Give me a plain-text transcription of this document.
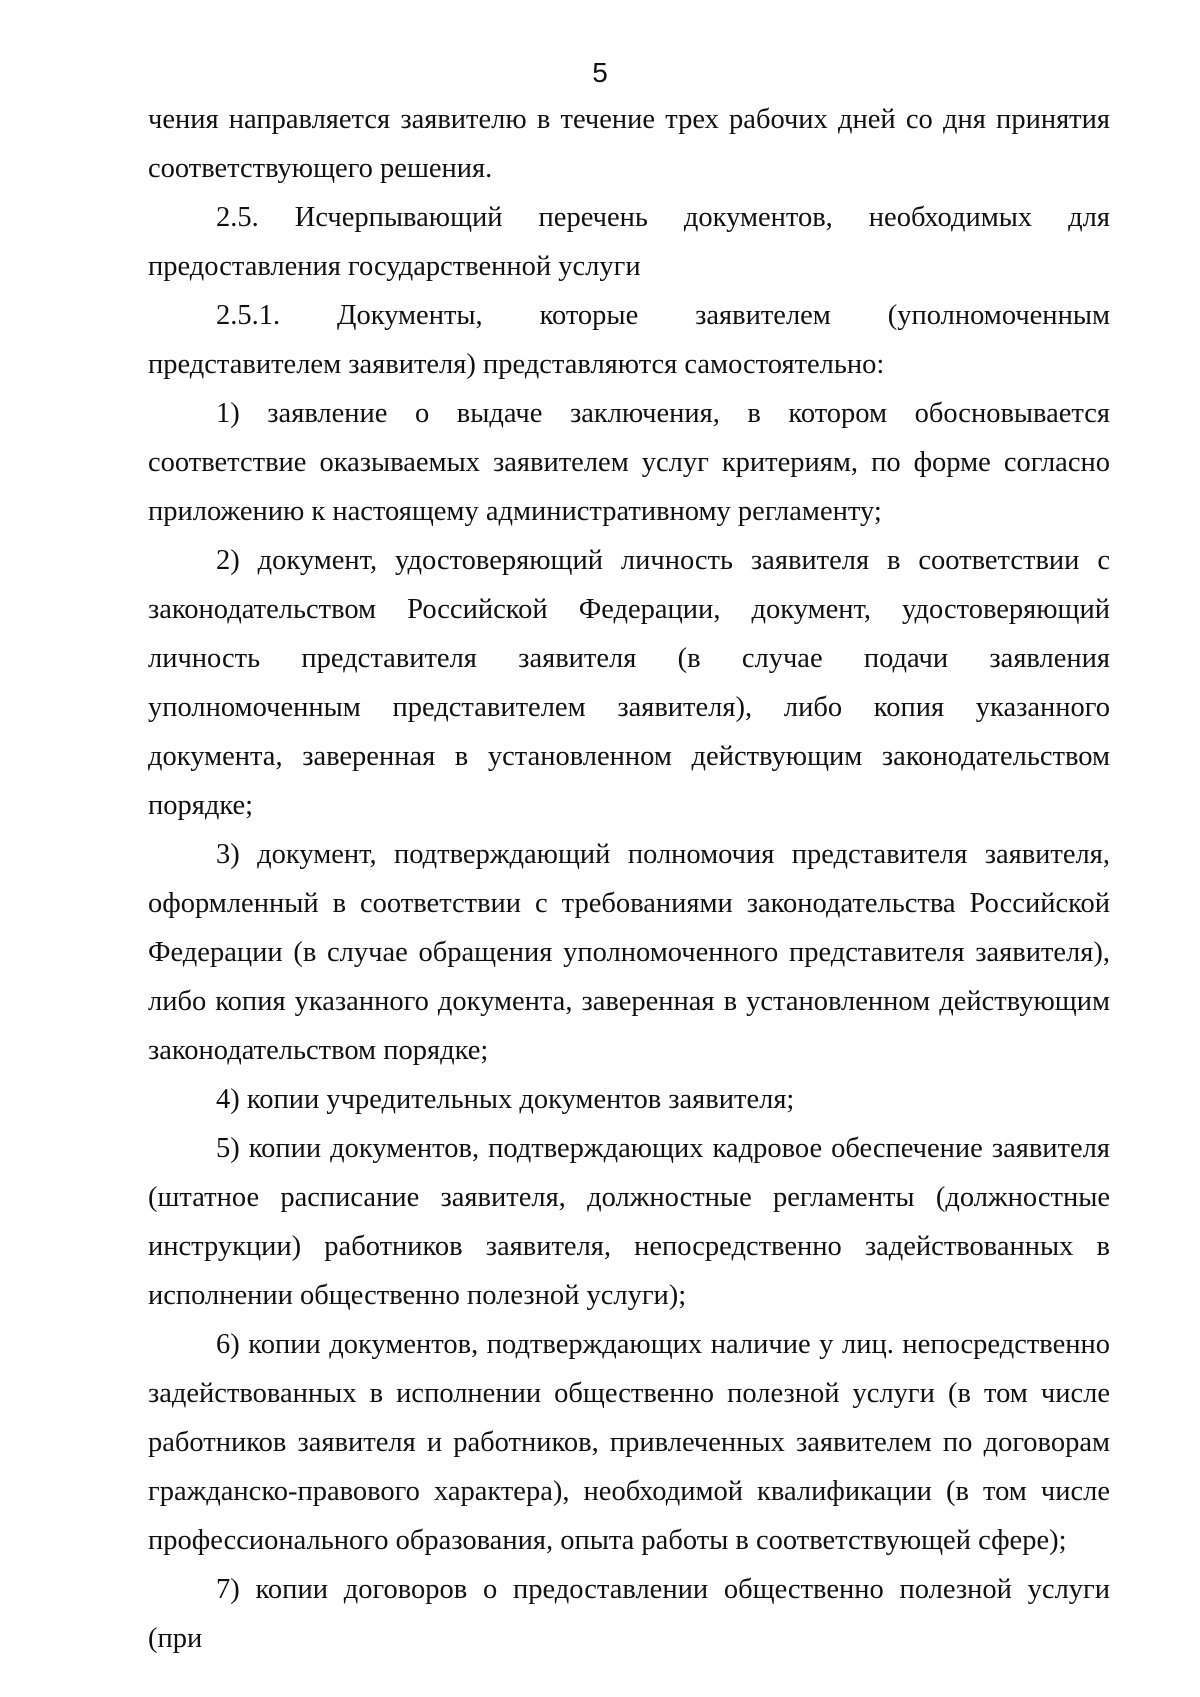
5

чения направляется заявителю в течение трех рабочих дней со дня принятия соответствующего решения.

2.5. Исчерпывающий перечень документов, необходимых для предоставления государственной услуги

2.5.1. Документы, которые заявителем (уполномоченным представителем заявителя) представляются самостоятельно:

1) заявление о выдаче заключения, в котором обосновывается соответствие оказываемых заявителем услуг критериям, по форме согласно приложению к настоящему административному регламенту;

2) документ, удостоверяющий личность заявителя в соответствии с законодательством Российской Федерации, документ, удостоверяющий личность представителя заявителя (в случае подачи заявления уполномоченным представителем заявителя), либо копия указанного документа, заверенная в установленном действующим законодательством порядке;

3) документ, подтверждающий полномочия представителя заявителя, оформленный в соответствии с требованиями законодательства Российской Федерации (в случае обращения уполномоченного представителя заявителя), либо копия указанного документа, заверенная в установленном действующим законодательством порядке;

4) копии учредительных документов заявителя;

5) копии документов, подтверждающих кадровое обеспечение заявителя (штатное расписание заявителя, должностные регламенты (должностные инструкции) работников заявителя, непосредственно задействованных в исполнении общественно полезной услуги);

6) копии документов, подтверждающих наличие у лиц. непосредственно задействованных в исполнении общественно полезной услуги (в том числе работников заявителя и работников, привлеченных заявителем по договорам гражданско-правового характера), необходимой квалификации (в том числе профессионального образования, опыта работы в соответствующей сфере);

7) копии договоров о предоставлении общественно полезной услуги (при
